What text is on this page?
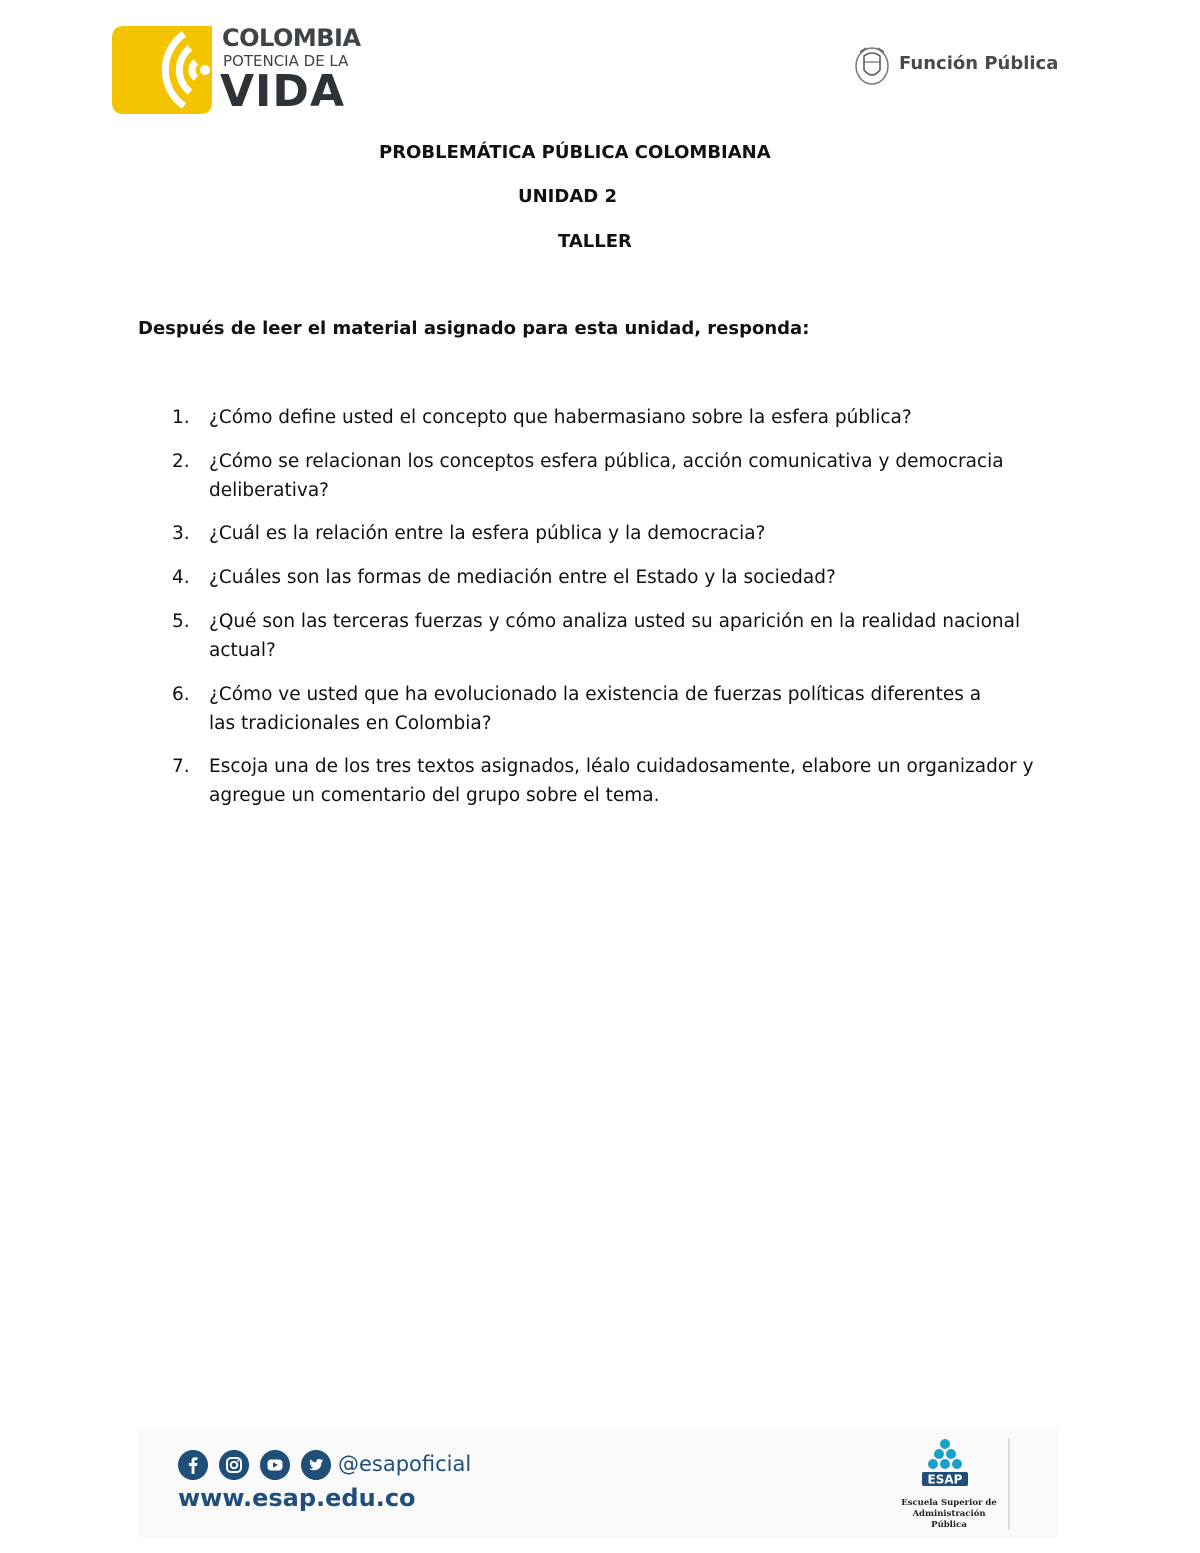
COLOMBIA
POTENCIA DE LA
VIDA
Función Pública
PROBLEMÁTICA PÚBLICA COLOMBIANA
UNIDAD 2
TALLER
Después de leer el material asignado para esta unidad, responda:
1.	¿Cómo define usted el concepto que habermasiano sobre la esfera pública?
2.	¿Cómo se relacionan los conceptos esfera pública, acción comunicativa y democracia deliberativa?
3.	¿Cuál es la relación entre la esfera pública y la democracia?
4.	¿Cuáles son las formas de mediación entre el Estado y la sociedad?
5.	¿Qué son las terceras fuerzas y cómo analiza usted su aparición en la realidad nacional actual?
6.	¿Cómo ve usted que ha evolucionado la existencia de fuerzas políticas diferentes a las tradicionales en Colombia?
7.	Escoja una de los tres textos asignados, léalo cuidadosamente, elabore un organizador y agregue un comentario del grupo sobre el tema.
@esapoficial
www.esap.edu.co
ESAP
Escuela Superior de
Administración Pública
